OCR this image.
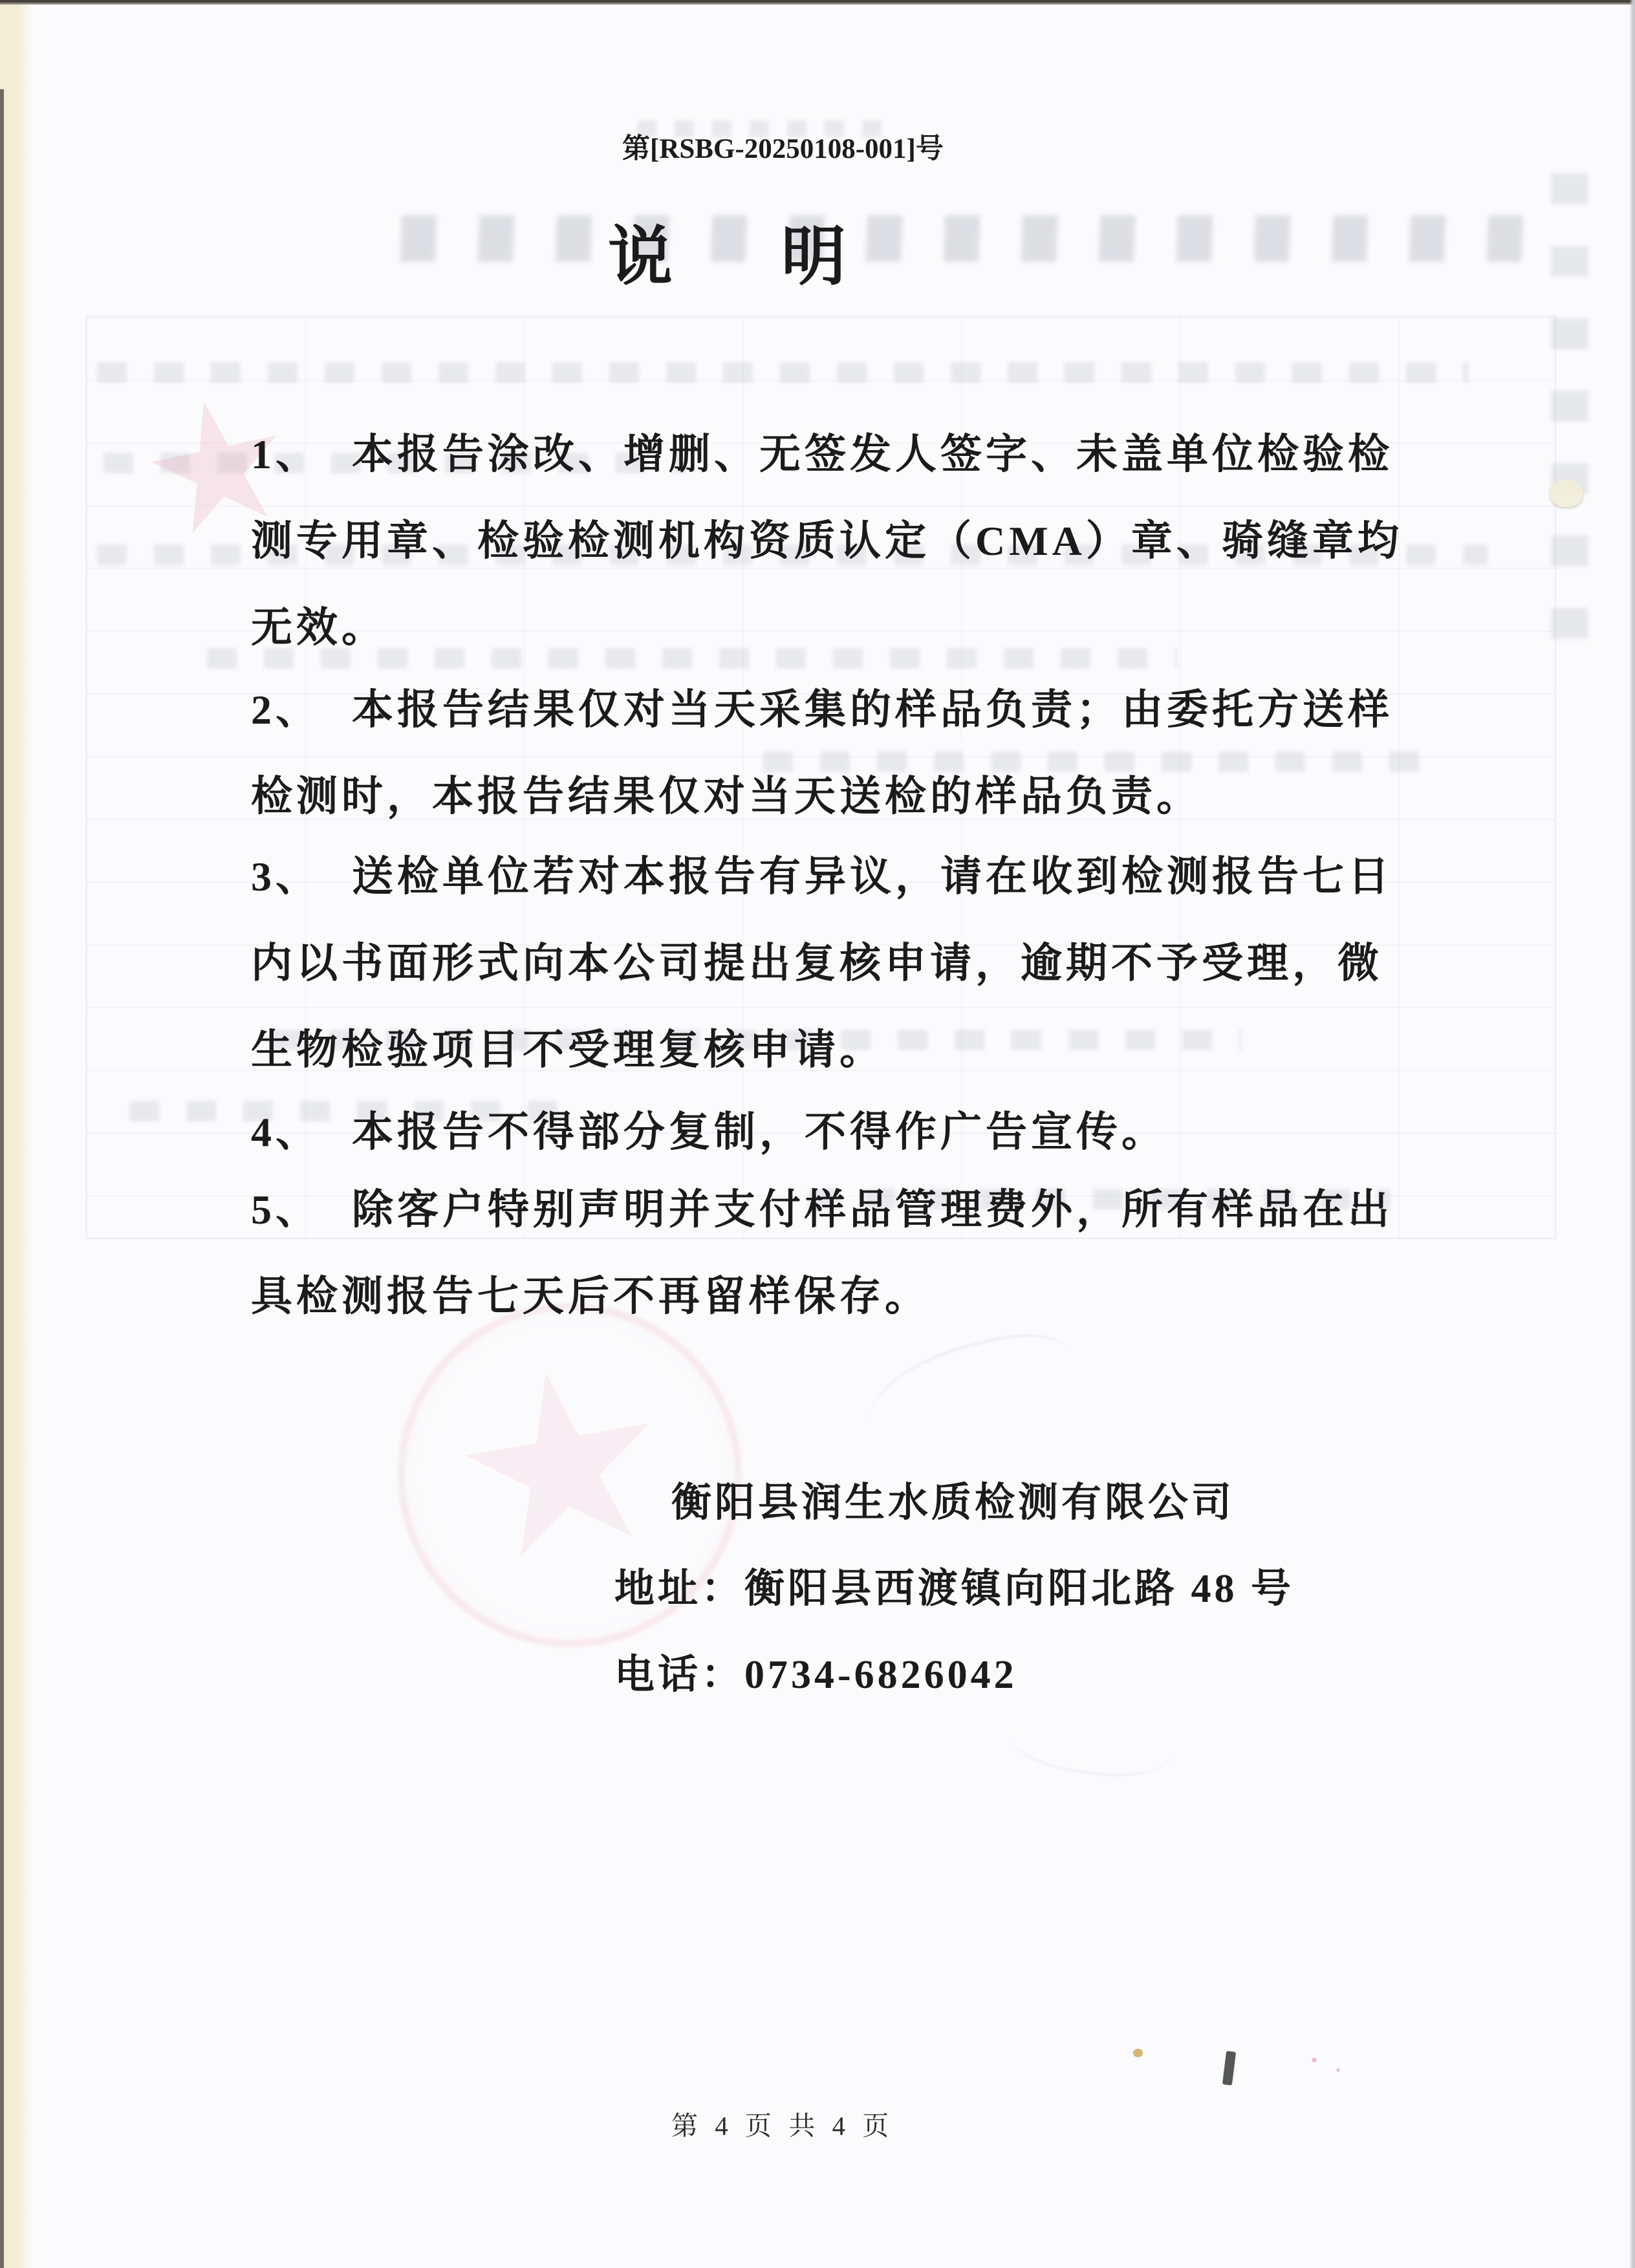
第[RSBG-20250108-001]号
说　明
1、 本报告涂改、增删、无签发人签字、未盖单位检验检
测专用章、检验检测机构资质认定（CMA）章、骑缝章均
无效。
2、 本报告结果仅对当天采集的样品负责；由委托方送样
检测时，本报告结果仅对当天送检的样品负责。
3、 送检单位若对本报告有异议，请在收到检测报告七日
内以书面形式向本公司提出复核申请，逾期不予受理，微
生物检验项目不受理复核申请。
4、 本报告不得部分复制，不得作广告宣传。
5、 除客户特别声明并支付样品管理费外，所有样品在出
具检测报告七天后不再留样保存。
衡阳县润生水质检测有限公司
地址：衡阳县西渡镇向阳北路 48 号
电话：0734-6826042
第 4 页 共 4 页
